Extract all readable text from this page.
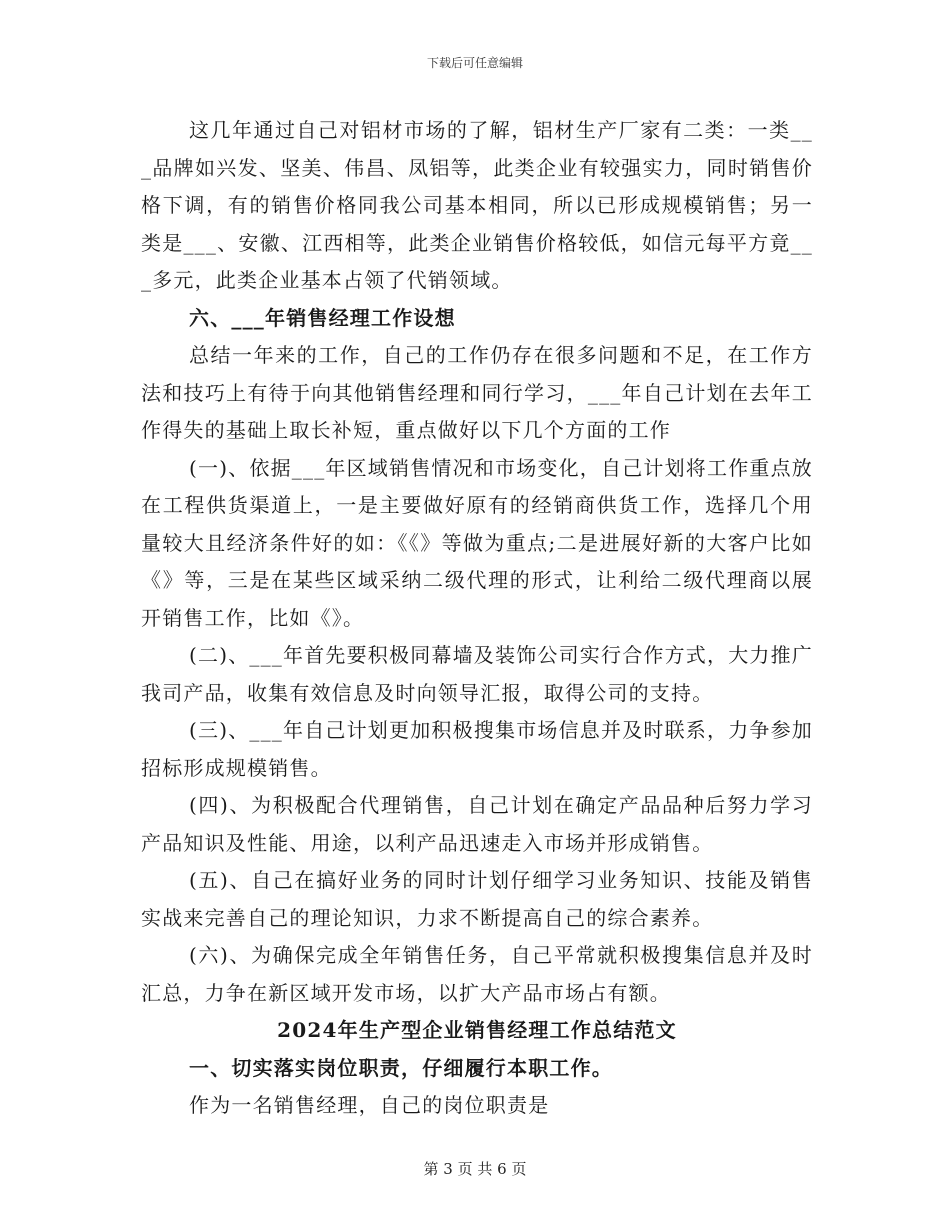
下载后可任意编辑

这几年通过自己对铝材市场的了解，铝材生产厂家有二类：一类___品牌如兴发、坚美、伟昌、凤铝等，此类企业有较强实力，同时销售价格下调，有的销售价格同我公司基本相同，所以已形成规模销售；另一类是___、安徽、江西相等，此类企业销售价格较低，如信元每平方竟___多元，此类企业基本占领了代销领域。

六、___年销售经理工作设想

总结一年来的工作，自己的工作仍存在很多问题和不足，在工作方法和技巧上有待于向其他销售经理和同行学习，___年自己计划在去年工作得失的基础上取长补短，重点做好以下几个方面的工作

(一)、依据___年区域销售情况和市场变化，自己计划将工作重点放在工程供货渠道上，一是主要做好原有的经销商供货工作，选择几个用量较大且经济条件好的如：《《》等做为重点;二是进展好新的大客户比如《》等，三是在某些区域采纳二级代理的形式，让利给二级代理商以展开销售工作，比如《》。

(二)、___年首先要积极同幕墙及装饰公司实行合作方式，大力推广我司产品，收集有效信息及时向领导汇报，取得公司的支持。

(三)、___年自己计划更加积极搜集市场信息并及时联系，力争参加招标形成规模销售。

(四)、为积极配合代理销售，自己计划在确定产品品种后努力学习产品知识及性能、用途，以利产品迅速走入市场并形成销售。

(五)、自己在搞好业务的同时计划仔细学习业务知识、技能及销售实战来完善自己的理论知识，力求不断提高自己的综合素养。

(六)、为确保完成全年销售任务，自己平常就积极搜集信息并及时汇总，力争在新区域开发市场，以扩大产品市场占有额。

2024年生产型企业销售经理工作总结范文

一、切实落实岗位职责，仔细履行本职工作。

作为一名销售经理，自己的岗位职责是

第 3 页 共 6 页
